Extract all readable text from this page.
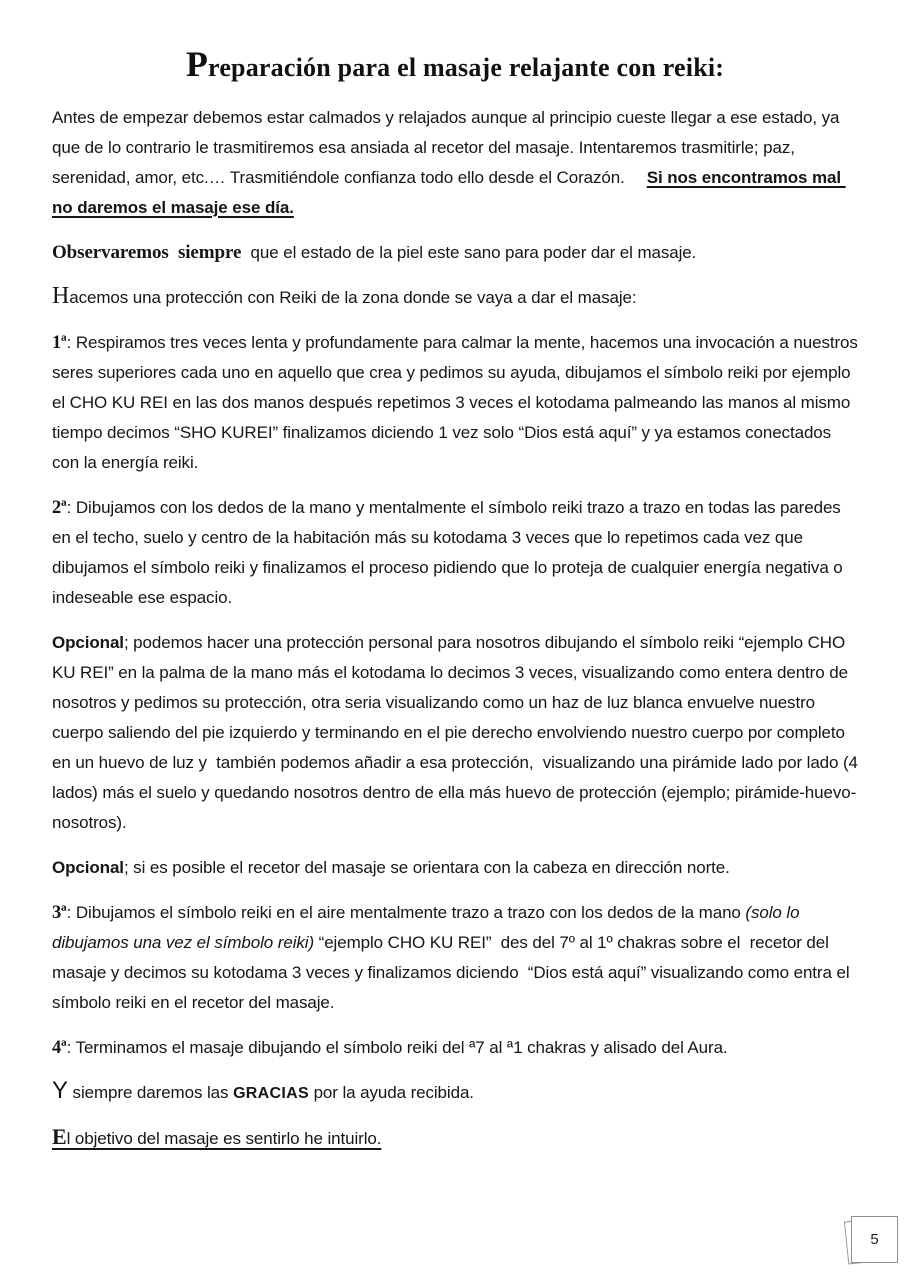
Preparación para el masaje relajante con reiki:

Antes de empezar debemos estar calmados y relajados aunque al principio cueste llegar a ese estado, ya que de lo contrario le trasmitiremos esa ansiada al recetor del masaje. Intentaremos trasmitirle; paz, serenidad, amor, etc.… Trasmitiéndole confianza todo ello desde el Corazón. Si nos encontramos mal no daremos el masaje ese día.

Observaremos  siempre  que el estado de la piel este sano para poder dar el masaje.

Hacemos una protección con Reiki de la zona donde se vaya a dar el masaje:

1ª: Respiramos tres veces lenta y profundamente para calmar la mente, hacemos una invocación a nuestros seres superiores cada uno en aquello que crea y pedimos su ayuda, dibujamos el símbolo reiki por ejemplo el CHO KU REI en las dos manos después repetimos 3 veces el kotodama palmeando las manos al mismo tiempo decimos “SHO KUREI” finalizamos diciendo 1 vez solo “Dios está aquí” y ya estamos conectados con la energía reiki.

2ª: Dibujamos con los dedos de la mano y mentalmente el símbolo reiki trazo a trazo en todas las paredes en el techo, suelo y centro de la habitación más su kotodama 3 veces que lo repetimos cada vez que dibujamos el símbolo reiki y finalizamos el proceso pidiendo que lo proteja de cualquier energía negativa o indeseable ese espacio.

Opcional; podemos hacer una protección personal para nosotros dibujando el símbolo reiki “ejemplo CHO KU REI” en la palma de la mano más el kotodama lo decimos 3 veces, visualizando como entera dentro de nosotros y pedimos su protección, otra seria visualizando como un haz de luz blanca envuelve nuestro cuerpo saliendo del pie izquierdo y terminando en el pie derecho envolviendo nuestro cuerpo por completo en un huevo de luz y  también podemos añadir a esa protección,  visualizando una pirámide lado por lado (4 lados) más el suelo y quedando nosotros dentro de ella más huevo de protección (ejemplo; pirámide-huevo-nosotros).

Opcional; si es posible el recetor del masaje se orientara con la cabeza en dirección norte.

3ª: Dibujamos el símbolo reiki en el aire mentalmente trazo a trazo con los dedos de la mano (solo lo dibujamos una vez el símbolo reiki) “ejemplo CHO KU REI”  des del 7º al 1º chakras sobre el  recetor del masaje y decimos su kotodama 3 veces y finalizamos diciendo  “Dios está aquí” visualizando como entra el símbolo reiki en el recetor del masaje.

4ª: Terminamos el masaje dibujando el símbolo reiki del ª7 al ª1 chakras y alisado del Aura.

Y siempre daremos las GRACIAS por la ayuda recibida.

El objetivo del masaje es sentirlo he intuirlo.

5
